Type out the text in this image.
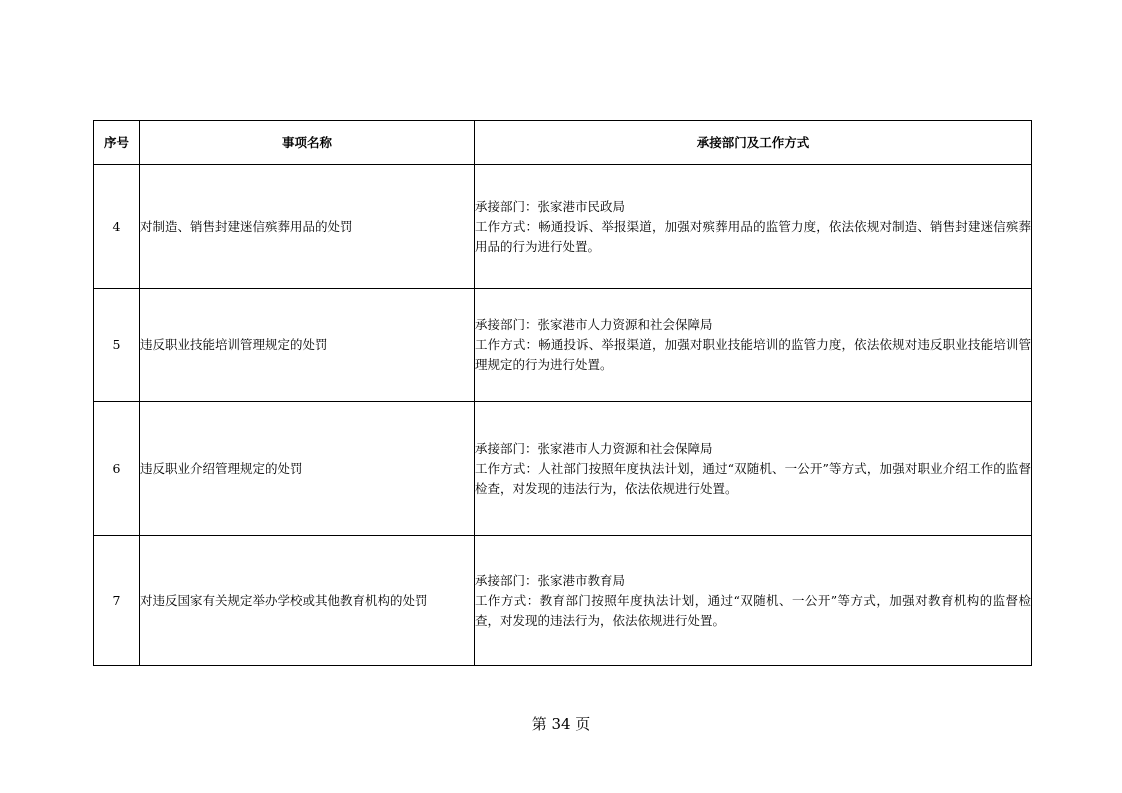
序号	事项名称	承接部门及工作方式
4	对制造、销售封建迷信殡葬用品的处罚	承接部门：张家港市民政局
工作方式：畅通投诉、举报渠道，加强对殡葬用品的监管力度，依法依规对制造、销售封建迷信殡葬用品的行为进行处置。

5	违反职业技能培训管理规定的处罚	承接部门：张家港市人力资源和社会保障局
工作方式：畅通投诉、举报渠道，加强对职业技能培训的监管力度，依法依规对违反职业技能培训管理规定的行为进行处置。

6	违反职业介绍管理规定的处罚	承接部门：张家港市人力资源和社会保障局
工作方式：人社部门按照年度执法计划，通过“双随机、一公开”等方式，加强对职业介绍工作的监督检查，对发现的违法行为，依法依规进行处置。

7	对违反国家有关规定举办学校或其他教育机构的处罚	承接部门：张家港市教育局
工作方式：教育部门按照年度执法计划，通过“双随机、一公开”等方式，加强对教育机构的监督检查，对发现的违法行为，依法依规进行处置。
第 34 页
